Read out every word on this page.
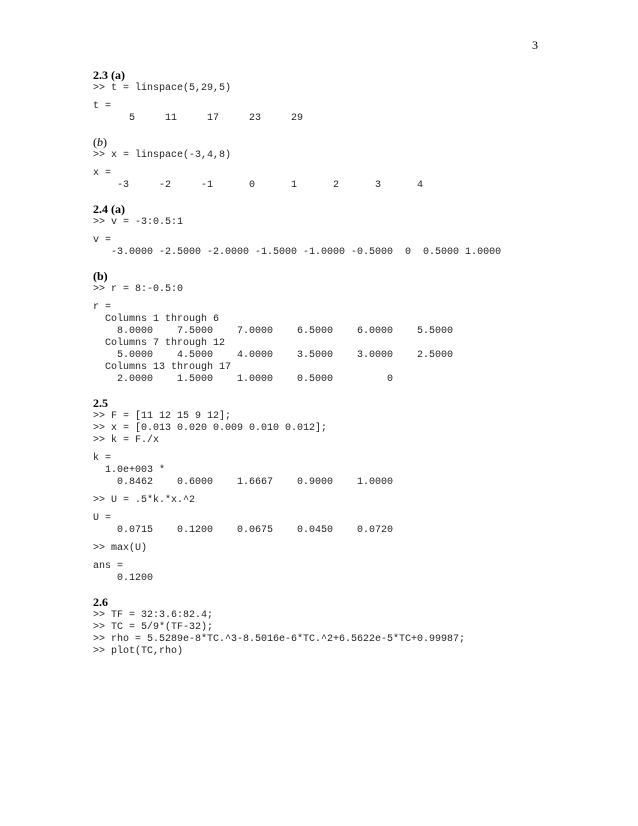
3
2.3 (a)
>> t = linspace(5,29,5)
t =
5     11     17     23     29
(b)
>> x = linspace(-3,4,8)
x =
-3     -2     -1      0      1      2      3      4
2.4 (a)
>> v = -3:0.5:1
v =
-3.0000 -2.5000 -2.0000 -1.5000 -1.0000 -0.5000  0  0.5000 1.0000
(b)
>> r = 8:-0.5:0
r =
Columns 1 through 6
8.0000    7.5000    7.0000    6.5000    6.0000    5.5000
Columns 7 through 12
5.0000    4.5000    4.0000    3.5000    3.0000    2.5000
Columns 13 through 17
2.0000    1.5000    1.0000    0.5000         0
2.5
>> F = [11 12 15 9 12];
>> x = [0.013 0.020 0.009 0.010 0.012];
>> k = F./x
k =
1.0e+003 *
0.8462    0.6000    1.6667    0.9000    1.0000
>> U = .5*k.*x.^2
U =
0.0715    0.1200    0.0675    0.0450    0.0720
>> max(U)
ans =
0.1200
2.6
>> TF = 32:3.6:82.4;
>> TC = 5/9*(TF-32);
>> rho = 5.5289e-8*TC.^3-8.5016e-6*TC.^2+6.5622e-5*TC+0.99987;
>> plot(TC,rho)
